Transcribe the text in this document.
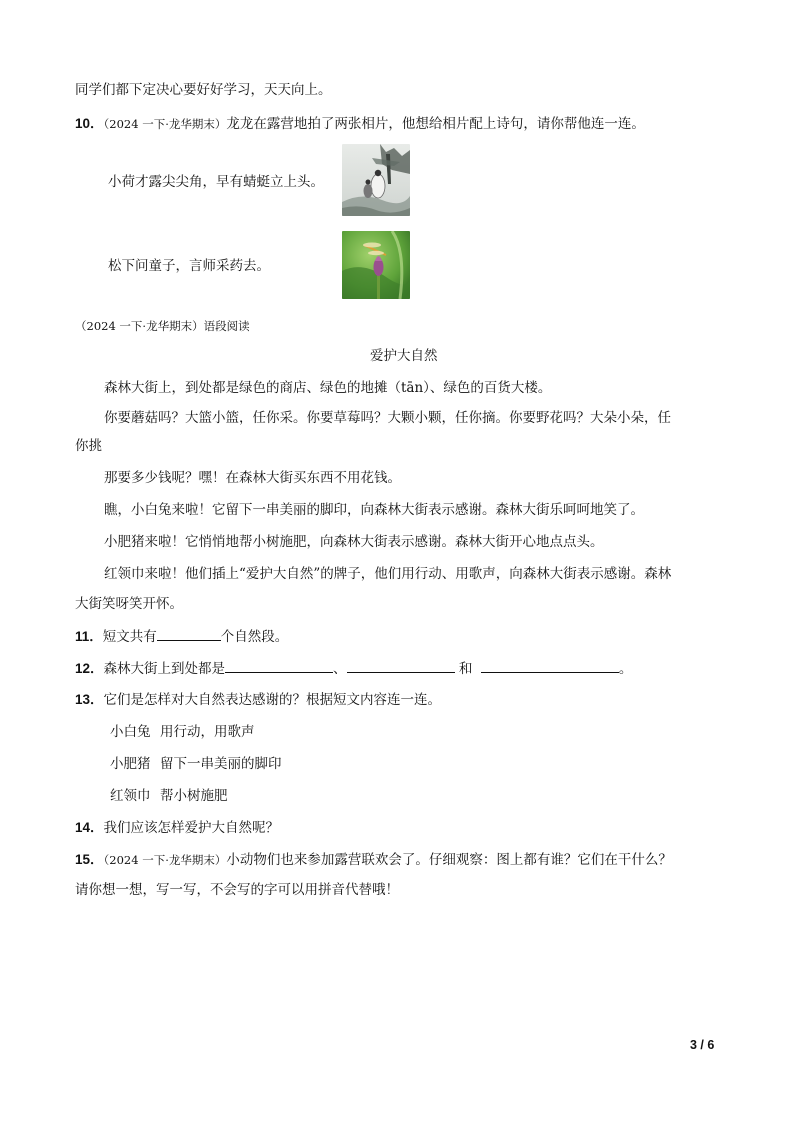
同学们都下定决心要好好学习，天天向上。
10．（2024 一下·龙华期末）龙龙在露营地拍了两张相片，他想给相片配上诗句，请你帮他连一连。
小荷才露尖尖角，早有蜻蜓立上头。
松下问童子，言师采药去。
（2024 一下·龙华期末）语段阅读
爱护大自然
森林大街上，到处都是绿色的商店、绿色的地摊（tān）、绿色的百货大楼。
你要蘑菇吗？大篮小篮，任你采。你要草莓吗？大颗小颗，任你摘。你要野花吗？大朵小朵，任
你挑
那要多少钱呢？嘿！在森林大街买东西不用花钱。
瞧，小白兔来啦！它留下一串美丽的脚印，向森林大街表示感谢。森林大街乐呵呵地笑了。
小肥猪来啦！它悄悄地帮小树施肥，向森林大街表示感谢。森林大街开心地点点头。
红领巾来啦！他们插上“爱护大自然”的牌子，他们用行动、用歌声，向森林大街表示感谢。森林
大街笑呀笑开怀。
11．短文共有	个自然段。
12．森林大街上到处都是	、	和	。
13．它们是怎样对大自然表达感谢的？根据短文内容连一连。
小白兔 用行动，用歌声
小肥猪 留下一串美丽的脚印
红领巾 帮小树施肥
14．我们应该怎样爱护大自然呢？
15．（2024 一下·龙华期末）小动物们也来参加露营联欢会了。仔细观察：图上都有谁？它们在干什么？
请你想一想，写一写，不会写的字可以用拼音代替哦！
3 / 6
